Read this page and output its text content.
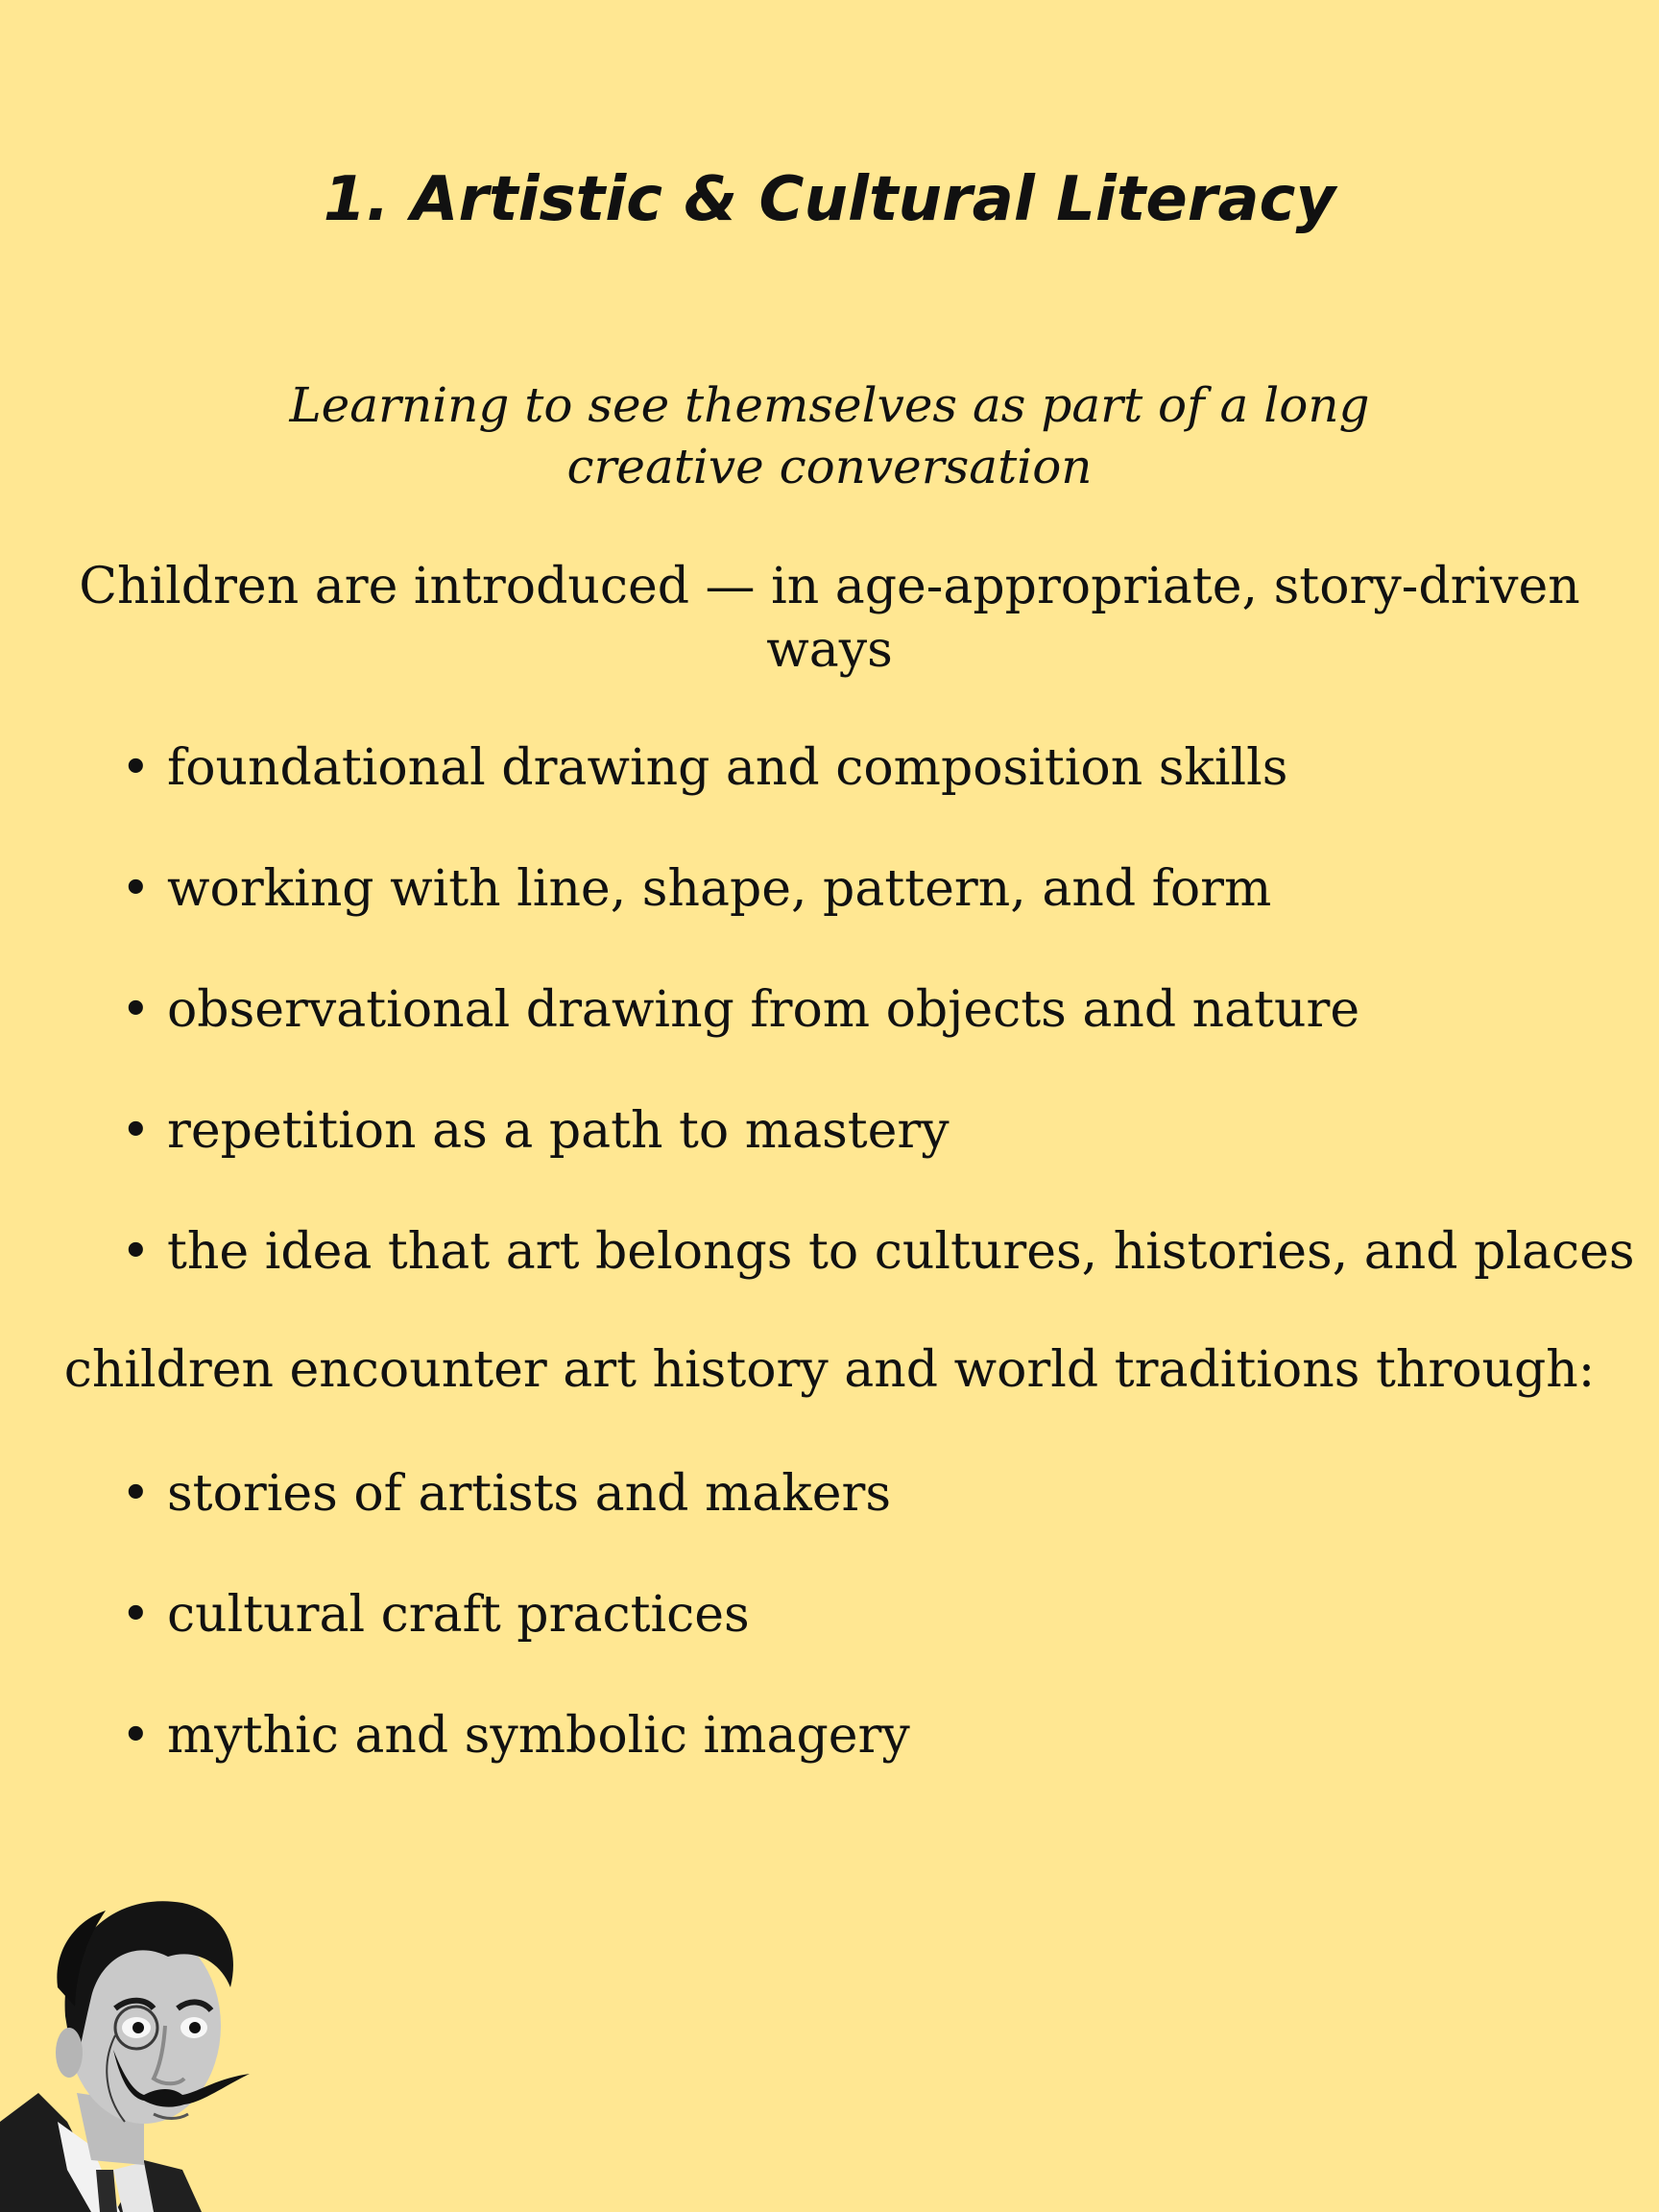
1. Artistic & Cultural Literacy

Learning to see themselves as part of a long creative conversation

Children are introduced — in age-appropriate, story-driven ways

• foundational drawing and composition skills
• working with line, shape, pattern, and form
• observational drawing from objects and nature
• repetition as a path to mastery
• the idea that art belongs to cultures, histories, and places

children encounter art history and world traditions through:

• stories of artists and makers
• cultural craft practices
• mythic and symbolic imagery
